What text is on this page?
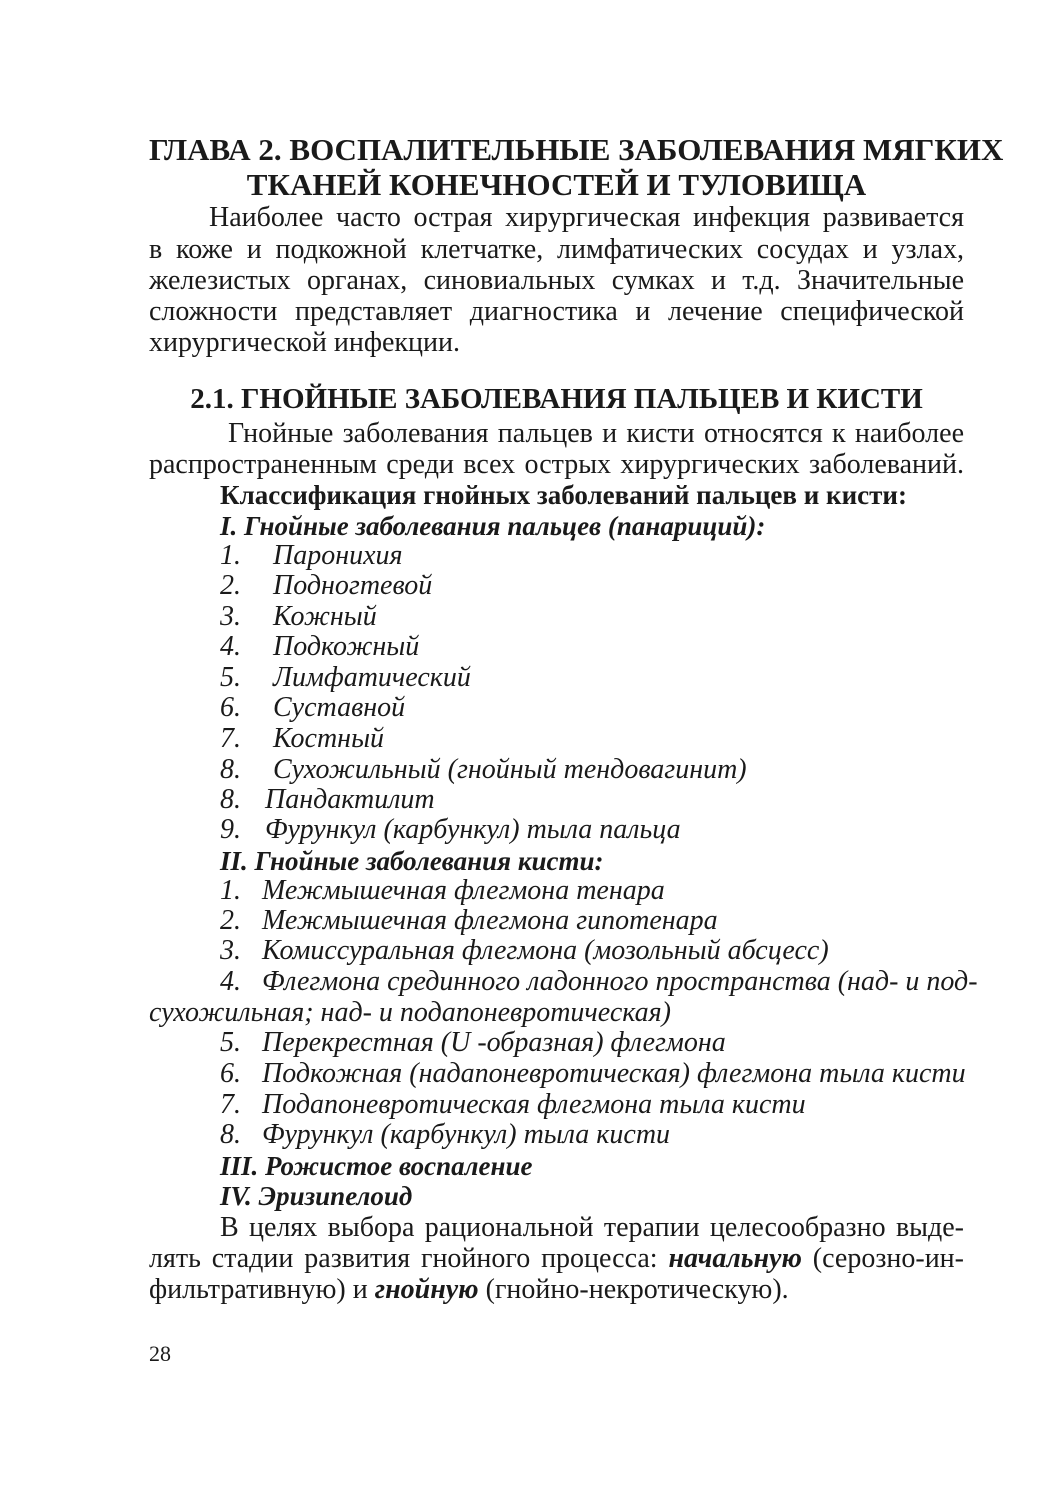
ГЛАВА 2. ВОСПАЛИТЕЛЬНЫЕ ЗАБОЛЕВАНИЯ МЯГКИХ
ТКАНЕЙ КОНЕЧНОСТЕЙ И ТУЛОВИЩА
Наиболее часто острая хирургическая инфекция развивается
в коже и подкожной клетчатке, лимфатических сосудах и узлах,
железистых органах, синовиальных сумках и т.д. Значительные
сложности представляет диагностика и лечение специфической
хирургической инфекции.
2.1. ГНОЙНЫЕ ЗАБОЛЕВАНИЯ ПАЛЬЦЕВ И КИСТИ
Гнойные заболевания пальцев и кисти относятся к наиболее
распространенным среди всех острых хирургических заболеваний.
Классификация гнойных заболеваний пальцев и кисти:
I. Гнойные заболевания пальцев (панариций):
1. Паронихия
2. Подногтевой
3. Кожный
4. Подкожный
5. Лимфатический
6. Суставной
7. Костный
8. Сухожильный (гнойный тендовагинит)
8. Пандактилит
9. Фурункул (карбункул) тыла пальца
II. Гнойные заболевания кисти:
1. Межмышечная флегмона тенара
2. Межмышечная флегмона гипотенара
3. Комиссуральная флегмона (мозольный абсцесс)
4. Флегмона срединного ладонного пространства (над- и под-
сухожильная; над- и подапоневротическая)
5. Перекрестная (U -образная) флегмона
6. Подкожная (надапоневротическая) флегмона тыла кисти
7. Подапоневротическая флегмона тыла кисти
8. Фурункул (карбункул) тыла кисти
III. Рожистое воспаление
IV. Эризипелоид
В целях выбора рациональной терапии целесообразно выде-
лять стадии развития гнойного процесса: начальную (серозно-ин-
фильтративную) и гнойную (гнойно-некротическую).
28
